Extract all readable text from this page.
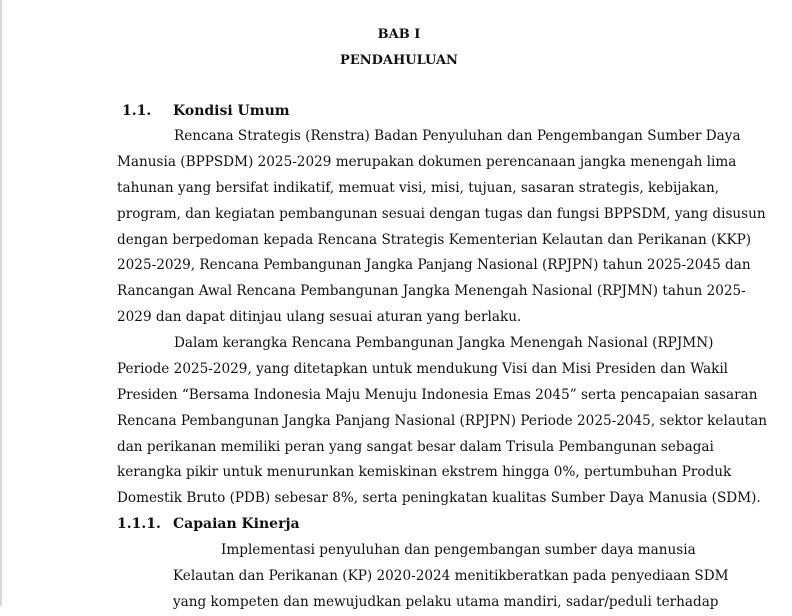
BAB I
PENDAHULUAN
1.1. Kondisi Umum
Rencana Strategis (Renstra) Badan Penyuluhan dan Pengembangan Sumber Daya
Manusia (BPPSDM) 2025-2029 merupakan dokumen perencanaan jangka menengah lima
tahunan yang bersifat indikatif, memuat visi, misi, tujuan, sasaran strategis, kebijakan,
program, dan kegiatan pembangunan sesuai dengan tugas dan fungsi BPPSDM, yang disusun
dengan berpedoman kepada Rencana Strategis Kementerian Kelautan dan Perikanan (KKP)
2025-2029, Rencana Pembangunan Jangka Panjang Nasional (RPJPN) tahun 2025-2045 dan
Rancangan Awal Rencana Pembangunan Jangka Menengah Nasional (RPJMN) tahun 2025-
2029 dan dapat ditinjau ulang sesuai aturan yang berlaku.
Dalam kerangka Rencana Pembangunan Jangka Menengah Nasional (RPJMN)
Periode 2025-2029, yang ditetapkan untuk mendukung Visi dan Misi Presiden dan Wakil
Presiden “Bersama Indonesia Maju Menuju Indonesia Emas 2045” serta pencapaian sasaran
Rencana Pembangunan Jangka Panjang Nasional (RPJPN) Periode 2025-2045, sektor kelautan
dan perikanan memiliki peran yang sangat besar dalam Trisula Pembangunan sebagai
kerangka pikir untuk menurunkan kemiskinan ekstrem hingga 0%, pertumbuhan Produk
Domestik Bruto (PDB) sebesar 8%, serta peningkatan kualitas Sumber Daya Manusia (SDM).
1.1.1. Capaian Kinerja
Implementasi penyuluhan dan pengembangan sumber daya manusia
Kelautan dan Perikanan (KP) 2020-2024 menitikberatkan pada penyediaan SDM
yang kompeten dan mewujudkan pelaku utama mandiri, sadar/peduli terhadap
